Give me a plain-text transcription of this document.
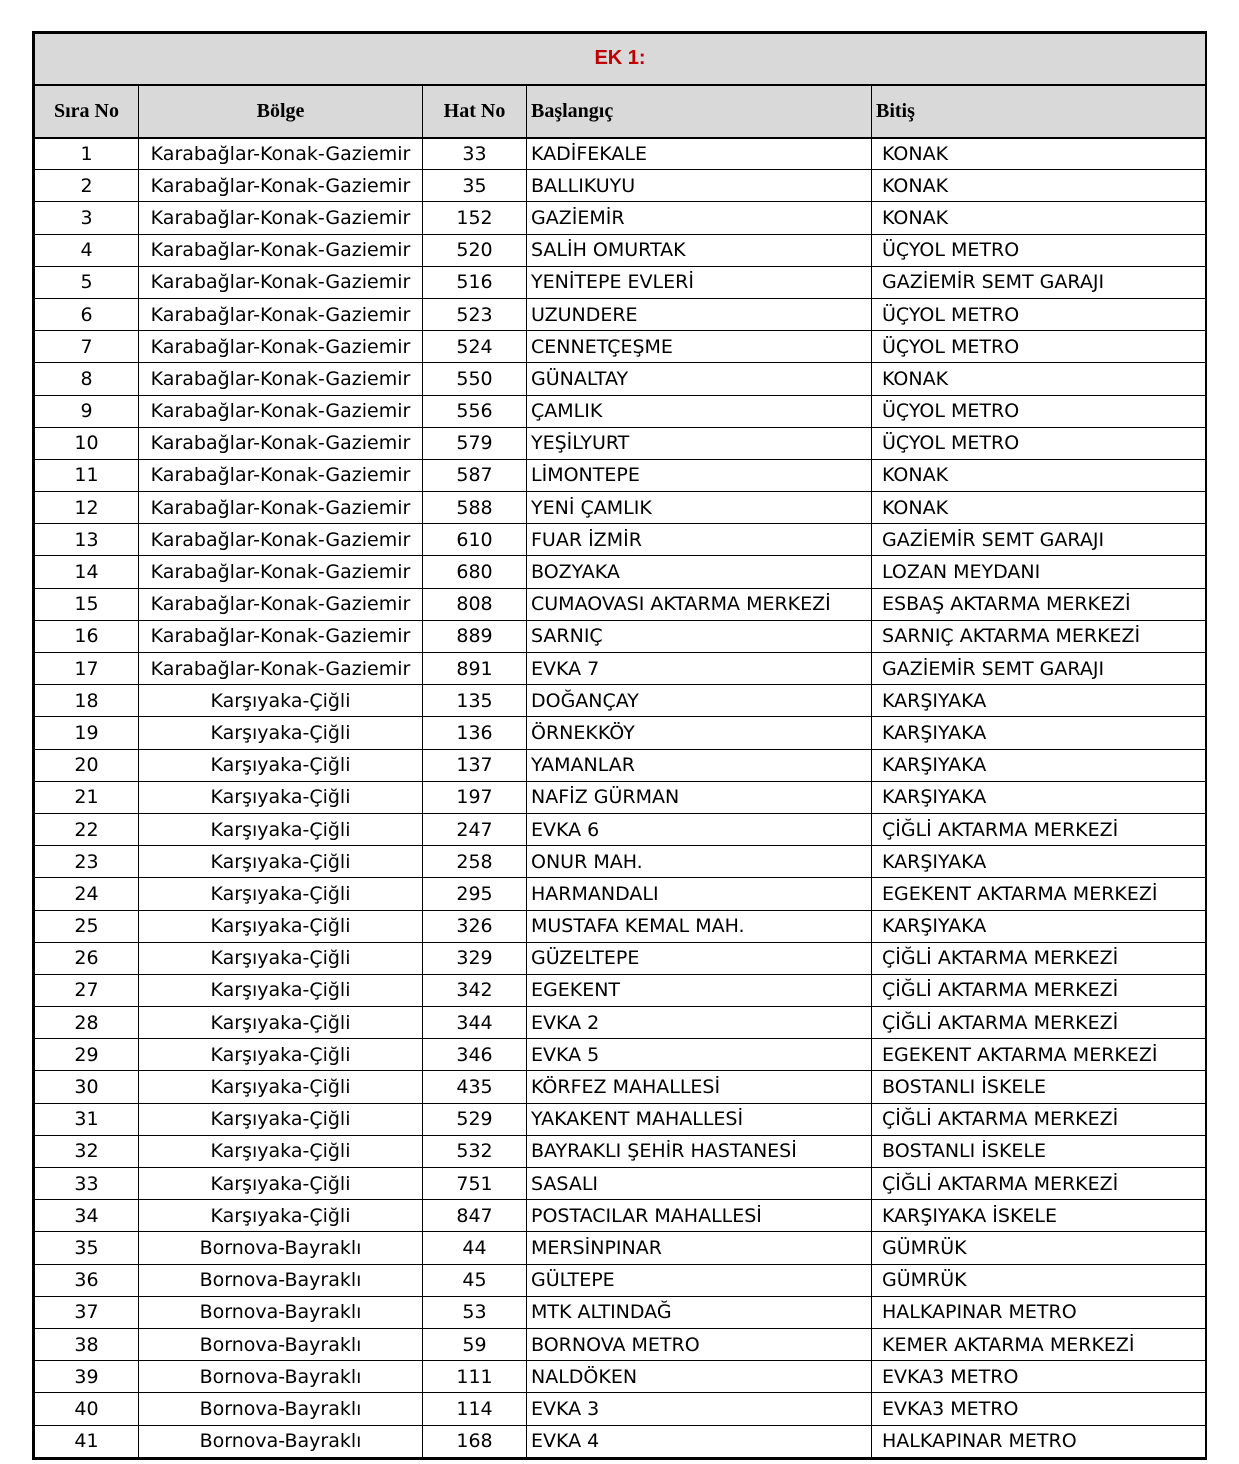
EK 1:				
Sıra No	Bölge	Hat No	Başlangıç	Bitiş
1	Karabağlar-Konak-Gaziemir	33	KADİFEKALE	KONAK
2	Karabağlar-Konak-Gaziemir	35	BALLIKUYU	KONAK
3	Karabağlar-Konak-Gaziemir	152	GAZİEMİR	KONAK
4	Karabağlar-Konak-Gaziemir	520	SALİH OMURTAK	ÜÇYOL METRO
5	Karabağlar-Konak-Gaziemir	516	YENİTEPE EVLERİ	GAZİEMİR SEMT GARAJI
6	Karabağlar-Konak-Gaziemir	523	UZUNDERE	ÜÇYOL METRO
7	Karabağlar-Konak-Gaziemir	524	CENNETÇEŞME	ÜÇYOL METRO
8	Karabağlar-Konak-Gaziemir	550	GÜNALTAY	KONAK
9	Karabağlar-Konak-Gaziemir	556	ÇAMLIK	ÜÇYOL METRO
10	Karabağlar-Konak-Gaziemir	579	YEŞİLYURT	ÜÇYOL METRO
11	Karabağlar-Konak-Gaziemir	587	LİMONTEPE	KONAK
12	Karabağlar-Konak-Gaziemir	588	YENİ ÇAMLIK	KONAK
13	Karabağlar-Konak-Gaziemir	610	FUAR İZMİR	GAZİEMİR SEMT GARAJI
14	Karabağlar-Konak-Gaziemir	680	BOZYAKA	LOZAN MEYDANI
15	Karabağlar-Konak-Gaziemir	808	CUMAOVASI AKTARMA MERKEZİ	ESBAŞ AKTARMA MERKEZİ
16	Karabağlar-Konak-Gaziemir	889	SARNIÇ	SARNIÇ AKTARMA MERKEZİ
17	Karabağlar-Konak-Gaziemir	891	EVKA 7	GAZİEMİR SEMT GARAJI
18	Karşıyaka-Çiğli	135	DOĞANÇAY	KARŞIYAKA
19	Karşıyaka-Çiğli	136	ÖRNEKKÖY	KARŞIYAKA
20	Karşıyaka-Çiğli	137	YAMANLAR	KARŞIYAKA
21	Karşıyaka-Çiğli	197	NAFİZ GÜRMAN	KARŞIYAKA
22	Karşıyaka-Çiğli	247	EVKA 6	ÇİĞLİ AKTARMA MERKEZİ
23	Karşıyaka-Çiğli	258	ONUR MAH.	KARŞIYAKA
24	Karşıyaka-Çiğli	295	HARMANDALI	EGEKENT AKTARMA MERKEZİ
25	Karşıyaka-Çiğli	326	MUSTAFA KEMAL MAH.	KARŞIYAKA
26	Karşıyaka-Çiğli	329	GÜZELTEPE	ÇİĞLİ AKTARMA MERKEZİ
27	Karşıyaka-Çiğli	342	EGEKENT	ÇİĞLİ AKTARMA MERKEZİ
28	Karşıyaka-Çiğli	344	EVKA 2	ÇİĞLİ AKTARMA MERKEZİ
29	Karşıyaka-Çiğli	346	EVKA 5	EGEKENT AKTARMA MERKEZİ
30	Karşıyaka-Çiğli	435	KÖRFEZ MAHALLESİ	BOSTANLI İSKELE
31	Karşıyaka-Çiğli	529	YAKAKENT MAHALLESİ	ÇİĞLİ AKTARMA MERKEZİ
32	Karşıyaka-Çiğli	532	BAYRAKLI ŞEHİR HASTANESİ	BOSTANLI İSKELE
33	Karşıyaka-Çiğli	751	SASALI	ÇİĞLİ AKTARMA MERKEZİ
34	Karşıyaka-Çiğli	847	POSTACILAR MAHALLESİ	KARŞIYAKA İSKELE
35	Bornova-Bayraklı	44	MERSİNPINAR	GÜMRÜK
36	Bornova-Bayraklı	45	GÜLTEPE	GÜMRÜK
37	Bornova-Bayraklı	53	MTK ALTINDAĞ	HALKAPINAR METRO
38	Bornova-Bayraklı	59	BORNOVA METRO	KEMER AKTARMA MERKEZİ
39	Bornova-Bayraklı	111	NALDÖKEN	EVKA3 METRO
40	Bornova-Bayraklı	114	EVKA 3	EVKA3 METRO
41	Bornova-Bayraklı	168	EVKA 4	HALKAPINAR METRO
